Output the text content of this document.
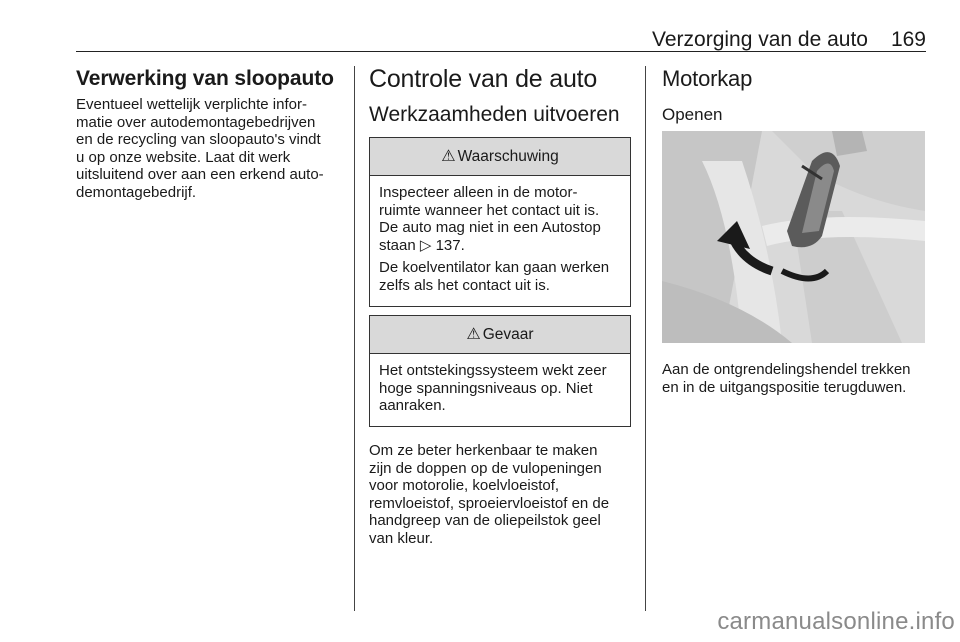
Verzorging van de auto	169
Verwerking van sloopauto

Eventueel wettelijk verplichte infor-
matie over autodemontagebedrijven
en de recycling van sloopauto's vindt
u op onze website. Laat dit werk
uitsluitend over aan een erkend auto-
demontagebedrijf.

Controle van de auto
Werkzaamheden uitvoeren
⚠ Waarschuwing

Inspecteer alleen in de motor-
ruimte wanneer het contact uit is.
De auto mag niet in een Autostop
staan ▷ 137.

De koelventilator kan gaan werken
zelfs als het contact uit is.

⚠ Gevaar

Het ontstekingssysteem wekt zeer
hoge spanningsniveaus op. Niet
aanraken.

Om ze beter herkenbaar te maken
zijn de doppen op de vulopeningen
voor motorolie, koelvloeistof,
remvloeistof, sproeiervloeistof en de
handgreep van de oliepeilstok geel
van kleur.

Motorkap
Openen

Aan de ontgrendelingshendel trekken
en in de uitgangspositie terugduwen.

carmanualsonline.info
